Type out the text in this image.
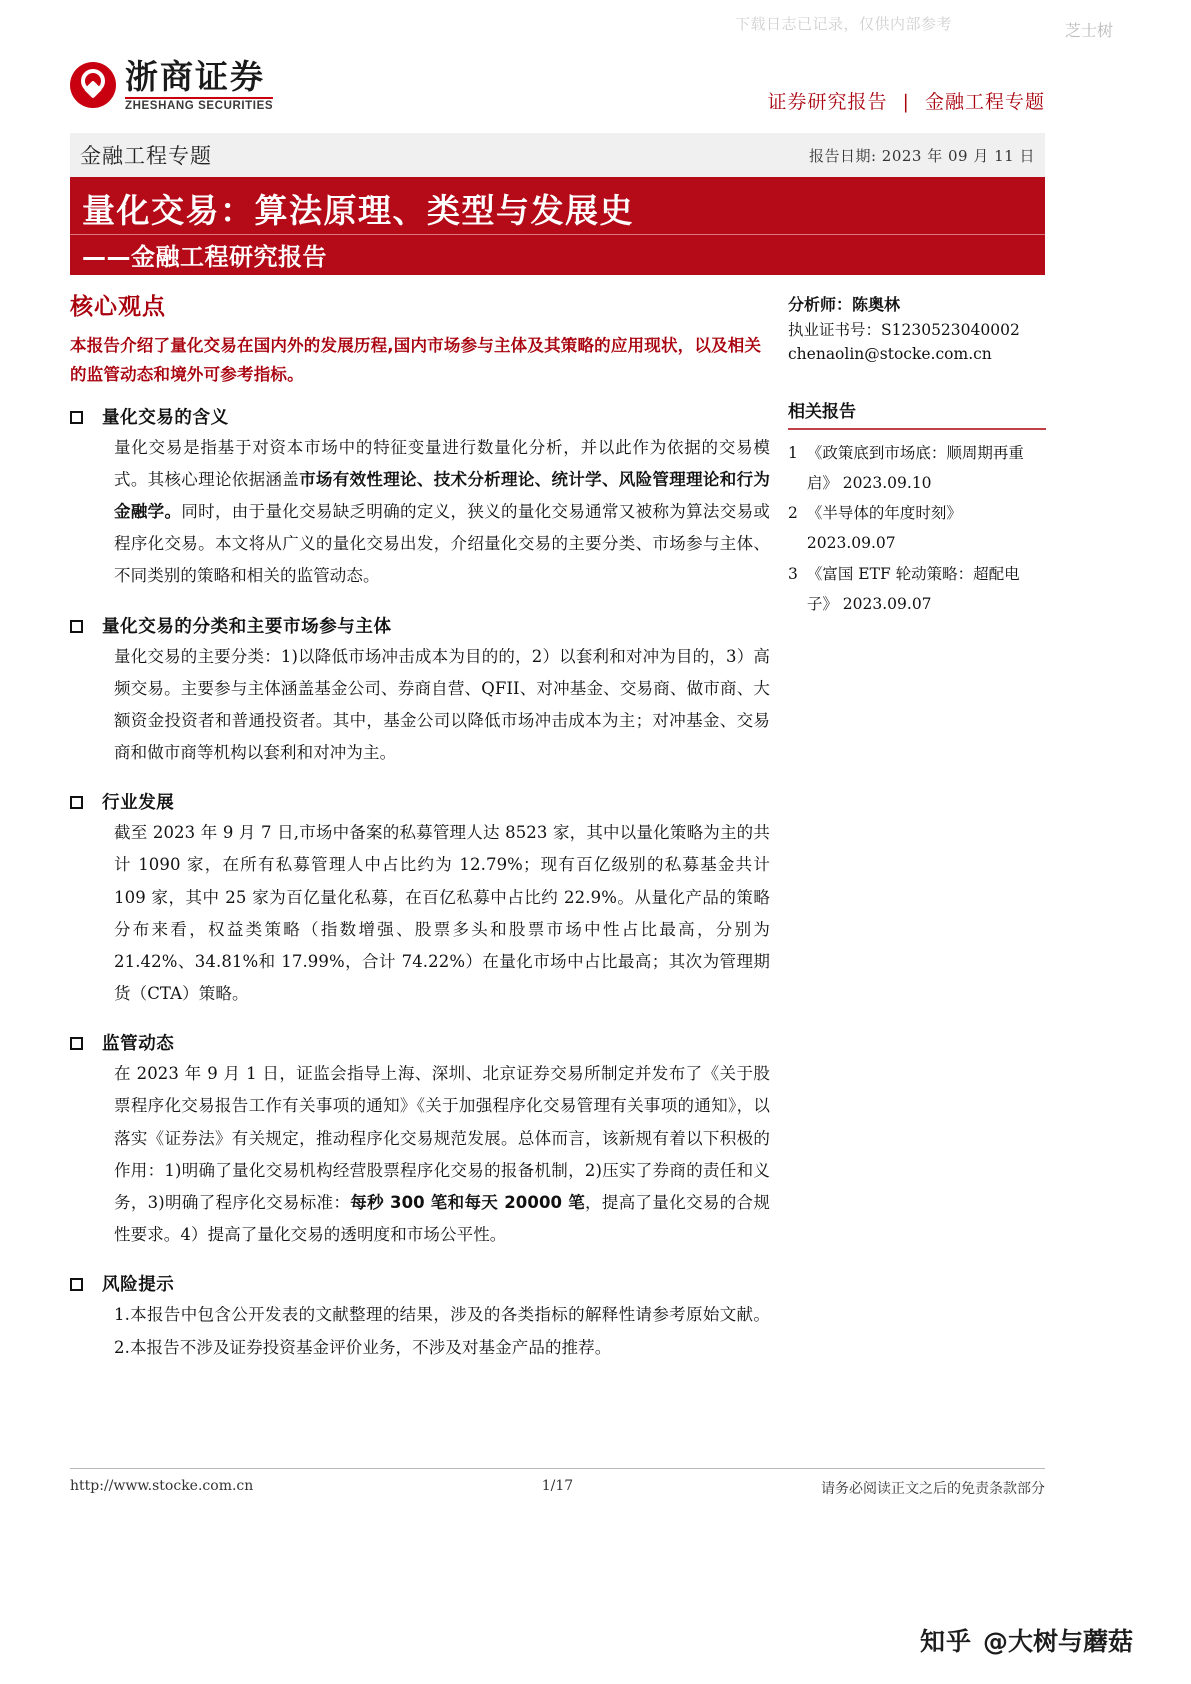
下载日志已记录，仅供内部参考	芝士树
浙商证券
ZHESHANG SECURITIES	证券研究报告 | 金融工程专题
金融工程专题	报告日期: 2023 年 09 月 11 日
量化交易：算法原理、类型与发展史
——金融工程研究报告
核心观点

本报告介绍了量化交易在国内外的发展历程,国内市场参与主体及其策略的应用现状，以及相关的监管动态和境外可参考指标。

量化交易的含义
量化交易是指基于对资本市场中的特征变量进行数量化分析，并以此作为依据的交易模式。其核心理论依据涵盖市场有效性理论、技术分析理论、统计学、风险管理理论和行为金融学。同时，由于量化交易缺乏明确的定义，狭义的量化交易通常又被称为算法交易或程序化交易。本文将从广义的量化交易出发，介绍量化交易的主要分类、市场参与主体、不同类别的策略和相关的监管动态。
量化交易的分类和主要市场参与主体
量化交易的主要分类：1)以降低市场冲击成本为目的的，2）以套利和对冲为目的，3）高频交易。主要参与主体涵盖基金公司、券商自营、QFII、对冲基金、交易商、做市商、大额资金投资者和普通投资者。其中，基金公司以降低市场冲击成本为主；对冲基金、交易商和做市商等机构以套利和对冲为主。
行业发展
截至 2023 年 9 月 7 日,市场中备案的私募管理人达 8523 家，其中以量化策略为主的共计 1090 家，在所有私募管理人中占比约为 12.79%；现有百亿级别的私募基金共计 109 家，其中 25 家为百亿量化私募，在百亿私募中占比约 22.9%。从量化产品的策略分布来看，权益类策略（指数增强、股票多头和股票市场中性占比最高，分别为 21.42%、34.81%和 17.99%，合计 74.22%）在量化市场中占比最高；其次为管理期货（CTA）策略。
监管动态
在 2023 年 9 月 1 日，证监会指导上海、深圳、北京证券交易所制定并发布了《关于股票程序化交易报告工作有关事项的通知》《关于加强程序化交易管理有关事项的通知》，以落实《证券法》有关规定，推动程序化交易规范发展。总体而言，该新规有着以下积极的作用：1)明确了量化交易机构经营股票程序化交易的报备机制，2)压实了券商的责任和义务，3)明确了程序化交易标准：每秒 300 笔和每天 20000 笔，提高了量化交易的合规性要求。4）提高了量化交易的透明度和市场公平性。
风险提示
1.本报告中包含公开发表的文献整理的结果，涉及的各类指标的解释性请参考原始文献。2.本报告不涉及证券投资基金评价业务，不涉及对基金产品的推荐。
分析师：陈奥林
执业证书号：S1230523040002
chenaolin@stocke.com.cn
相关报告
1 《政策底到市场底：顺周期再重启》 2023.09.10
2 《半导体的年度时刻》 2023.09.07
3 《富国 ETF 轮动策略：超配电子》 2023.09.07
http://www.stocke.com.cn	1/17	请务必阅读正文之后的免责条款部分
知乎 @大树与蘑菇
